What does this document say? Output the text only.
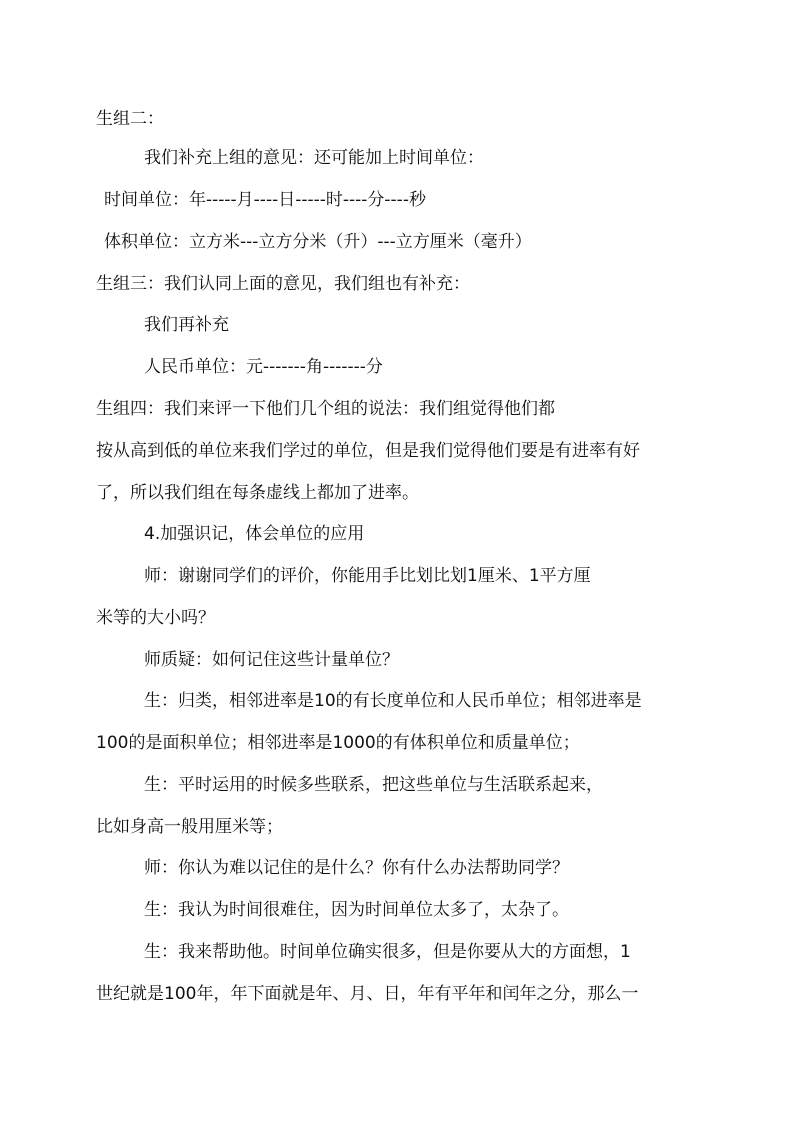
生组二：
我们补充上组的意见：还可能加上时间单位：
时间单位：年-----月----日-----时----分----秒
体积单位：立方米---立方分米（升）---立方厘米（毫升）
生组三：我们认同上面的意见，我们组也有补充：
我们再补充
人民币单位：元-------角-------分
生组四：我们来评一下他们几个组的说法：我们组觉得他们都
按从高到低的单位来我们学过的单位，但是我们觉得他们要是有进率有好
了，所以我们组在每条虚线上都加了进率。
4.加强识记，体会单位的应用
师：谢谢同学们的评价，你能用手比划比划1厘米、1平方厘
米等的大小吗？
师质疑：如何记住这些计量单位？
生：归类，相邻进率是10的有长度单位和人民币单位；相邻进率是
100的是面积单位；相邻进率是1000的有体积单位和质量单位；
生：平时运用的时候多些联系，把这些单位与生活联系起来，
比如身高一般用厘米等；
师：你认为难以记住的是什么？你有什么办法帮助同学？
生：我认为时间很难住，因为时间单位太多了，太杂了。
生：我来帮助他。时间单位确实很多，但是你要从大的方面想，1
世纪就是100年，年下面就是年、月、日，年有平年和闰年之分，那么一
